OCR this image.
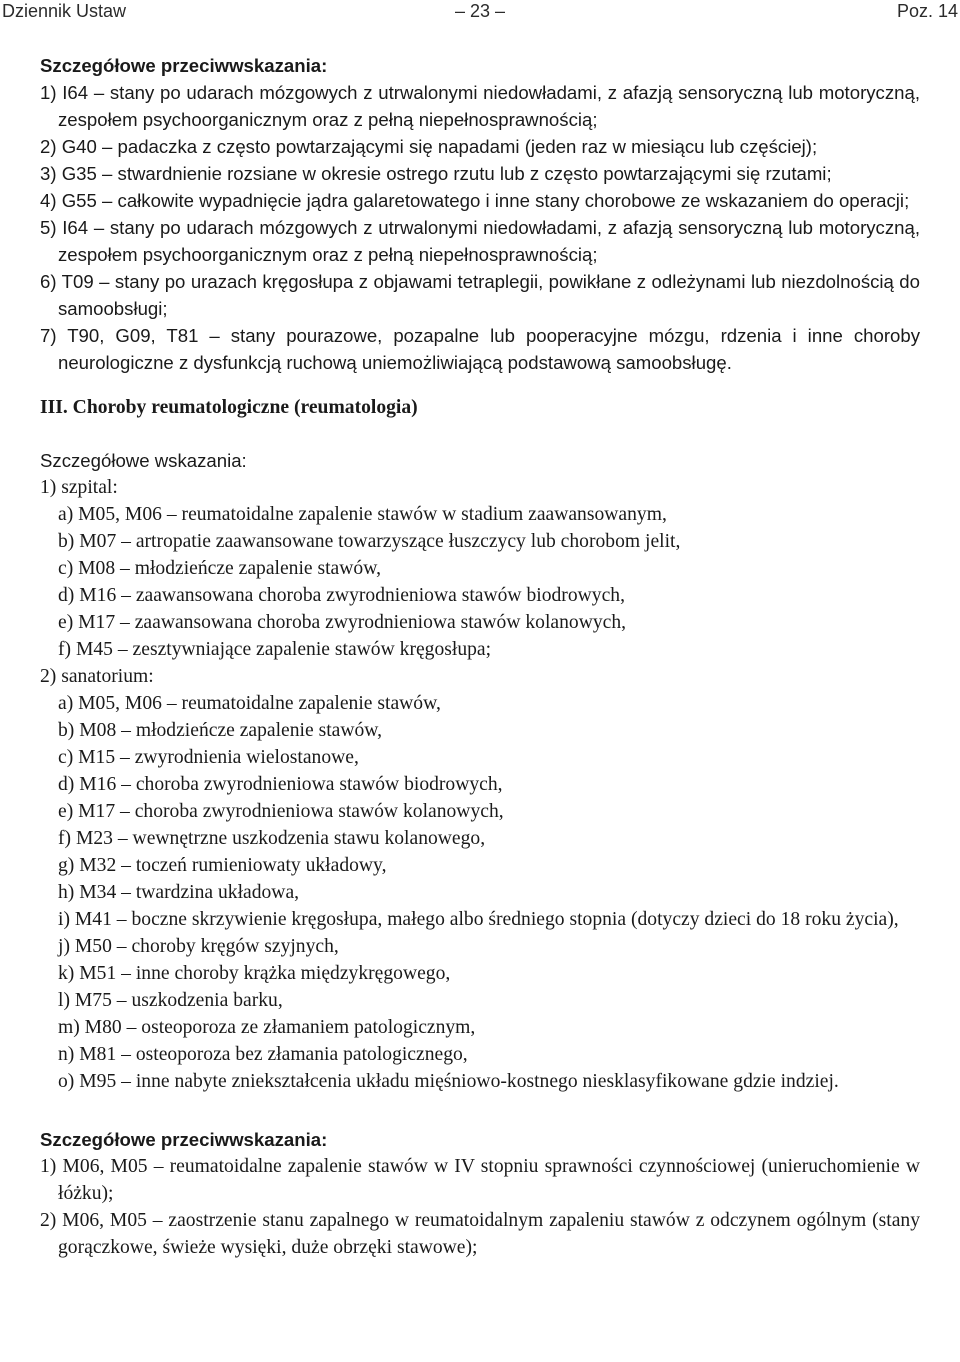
Dziennik Ustaw	– 23 –	Poz. 14
Szczegółowe przeciwwskazania:
1) I64 – stany po udarach mózgowych z utrwalonymi niedowładami, z afazją sensoryczną lub motoryczną, zespołem psychoorganicznym oraz z pełną niepełnosprawnością;
2) G40 – padaczka z często powtarzającymi się napadami (jeden raz w miesiącu lub częściej);
3) G35 – stwardnienie rozsiane w okresie ostrego rzutu lub z często powtarzającymi się rzutami;
4) G55 – całkowite wypadnięcie jądra galaretowatego i inne stany chorobowe ze wskazaniem do operacji;
5) I64 – stany po udarach mózgowych z utrwalonymi niedowładami, z afazją sensoryczną lub motoryczną, zespołem psychoorganicznym oraz z pełną niepełnosprawnością;
6) T09 – stany po urazach kręgosłupa z objawami tetraplegii, powikłane z odleżynami lub niezdolnością do samoobsługi;
7) T90, G09, T81 – stany pourazowe, pozapalne lub pooperacyjne mózgu, rdzenia i inne choroby neurologiczne z dysfunkcją ruchową uniemożliwiającą podstawową samoobsługę.
III. Choroby reumatologiczne (reumatologia)
Szczegółowe wskazania:
1) szpital:
a) M05, M06 – reumatoidalne zapalenie stawów w stadium zaawansowanym,
b) M07 – artropatie zaawansowane towarzyszące łuszczycy lub chorobom jelit,
c) M08 – młodzieńcze zapalenie stawów,
d) M16 – zaawansowana choroba zwyrodnieniowa stawów biodrowych,
e) M17 – zaawansowana choroba zwyrodnieniowa stawów kolanowych,
f) M45 – zesztywniające zapalenie stawów kręgosłupa;
2) sanatorium:
a) M05, M06 – reumatoidalne zapalenie stawów,
b) M08 – młodzieńcze zapalenie stawów,
c) M15 – zwyrodnienia wielostanowe,
d) M16 – choroba zwyrodnieniowa stawów biodrowych,
e) M17 – choroba zwyrodnieniowa stawów kolanowych,
f) M23 – wewnętrzne uszkodzenia stawu kolanowego,
g) M32 – toczeń rumieniowaty układowy,
h) M34 – twardzina układowa,
i) M41 – boczne skrzywienie kręgosłupa, małego albo średniego stopnia (dotyczy dzieci do 18 roku życia),
j) M50 – choroby kręgów szyjnych,
k) M51 – inne choroby krążka międzykręgowego,
l) M75 – uszkodzenia barku,
m) M80 – osteoporoza ze złamaniem patologicznym,
n) M81 – osteoporoza bez złamania patologicznego,
o) M95 – inne nabyte zniekształcenia układu mięśniowo-kostnego niesklasyfikowane gdzie indziej.
Szczegółowe przeciwwskazania:
1) M06, M05 – reumatoidalne zapalenie stawów w IV stopniu sprawności czynnościowej (unieruchomienie w łóżku);
2) M06, M05 – zaostrzenie stanu zapalnego w reumatoidalnym zapaleniu stawów z odczynem ogólnym (stany gorączkowe, świeże wysięki, duże obrzęki stawowe);
